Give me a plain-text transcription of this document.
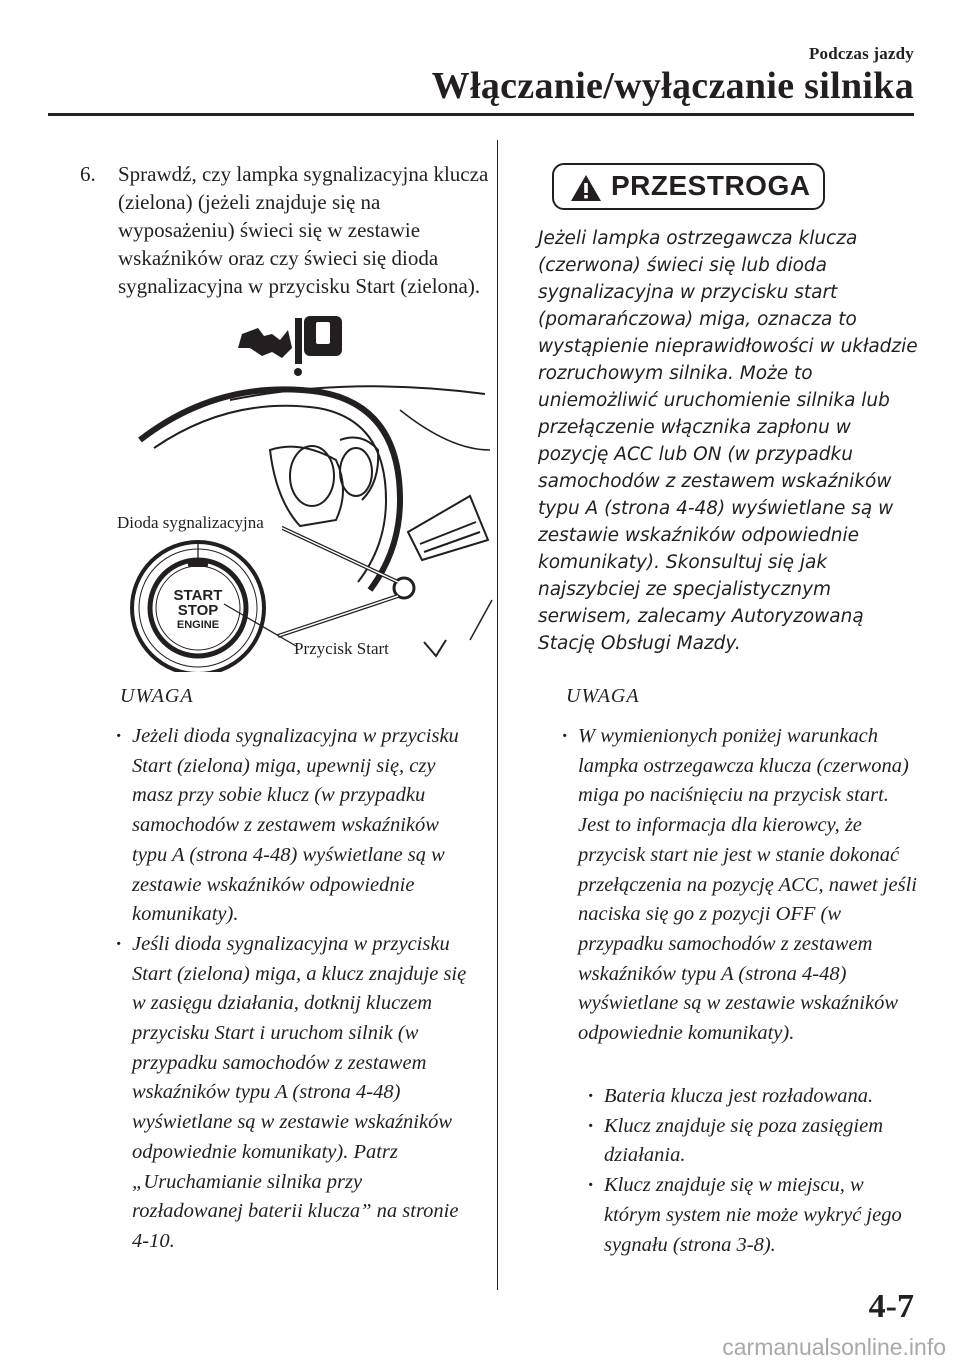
Podczas jazdy
Włączanie/wyłączanie silnika
6.	Sprawdź, czy lampka sygnalizacyjna klucza (zielona) (jeżeli znajduje się na wyposażeniu) świeci się w zestawie wskaźników oraz czy świeci się dioda sygnalizacyjna w przycisku Start (zielona).
START
STOP
ENGINE
Dioda sygnalizacyjna
Przycisk Start
UWAGA
· Jeżeli dioda sygnalizacyjna w przycisku Start (zielona) miga, upewnij się, czy masz przy sobie klucz (w przypadku samochodów z zestawem wskaźników typu A (strona 4-48) wyświetlane są w zestawie wskaźników odpowiednie komunikaty).
· Jeśli dioda sygnalizacyjna w przycisku Start (zielona) miga, a klucz znajduje się w zasięgu działania, dotknij kluczem przycisku Start i uruchom silnik (w przypadku samochodów z zestawem wskaźników typu A (strona 4-48) wyświetlane są w zestawie wskaźników odpowiednie komunikaty). Patrz „Uruchamianie silnika przy rozładowanej baterii klucza” na stronie 4-10.
PRZESTROGA
Jeżeli lampka ostrzegawcza klucza (czerwona) świeci się lub dioda sygnalizacyjna w przycisku start (pomarańczowa) miga, oznacza to wystąpienie nieprawidłowości w układzie rozruchowym silnika. Może to uniemożliwić uruchomienie silnika lub przełączenie włącznika zapłonu w pozycję ACC lub ON (w przypadku samochodów z zestawem wskaźników typu A (strona 4-48) wyświetlane są w zestawie wskaźników odpowiednie komunikaty). Skonsultuj się jak najszybciej ze specjalistycznym serwisem, zalecamy Autoryzowaną Stację Obsługi Mazdy.
UWAGA
· W wymienionych poniżej warunkach lampka ostrzegawcza klucza (czerwona) miga po naciśnięciu na przycisk start. Jest to informacja dla kierowcy, że przycisk start nie jest w stanie dokonać przełączenia na pozycję ACC, nawet jeśli naciska się go z pozycji OFF (w przypadku samochodów z zestawem wskaźników typu A (strona 4-48) wyświetlane są w zestawie wskaźników odpowiednie komunikaty).
· Bateria klucza jest rozładowana.
· Klucz znajduje się poza zasięgiem działania.
· Klucz znajduje się w miejscu, w którym system nie może wykryć jego sygnału (strona 3-8).
4-7
carmanualsonline.info
